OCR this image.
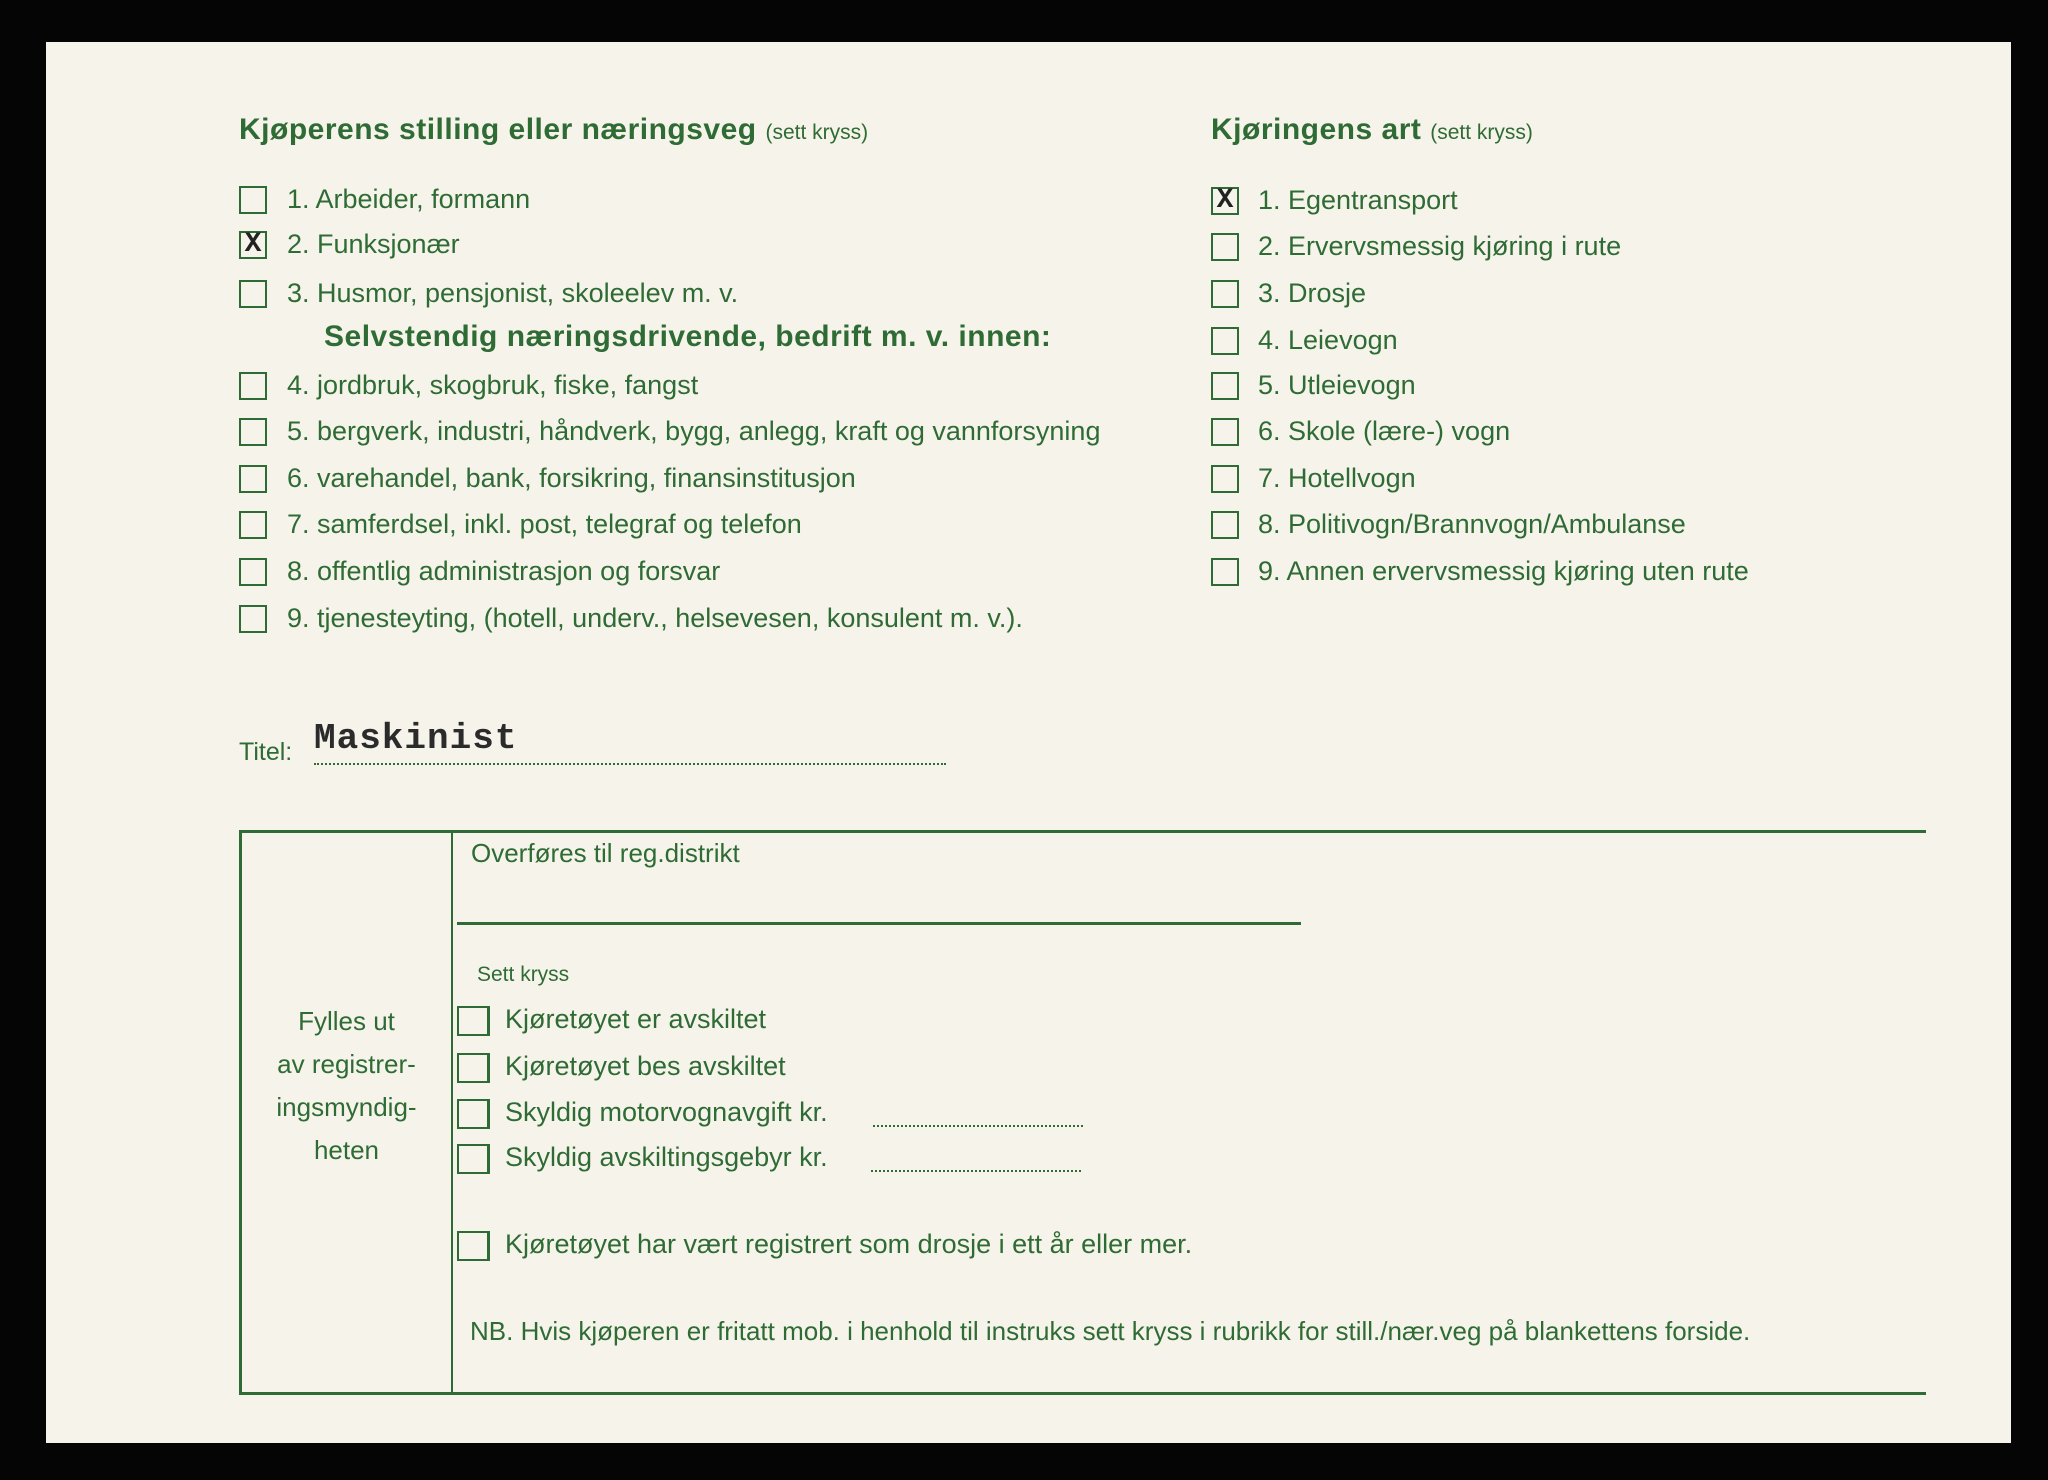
Kjøperens stilling eller næringsveg (sett kryss)
Selvstendig næringsdrivende, bedrift m. v. innen:
1. Arbeider, formann
X 2. Funksjonær
3. Husmor, pensjonist, skoleelev m. v.
4. jordbruk, skogbruk, fiske, fangst
5. bergverk, industri, håndverk, bygg, anlegg, kraft og vannforsyning
6. varehandel, bank, forsikring, finansinstitusjon
7. samferdsel, inkl. post, telegraf og telefon
8. offentlig administrasjon og forsvar
9. tjenesteyting, (hotell, underv., helsevesen, konsulent m. v.).
Kjøringens art (sett kryss)
X 1. Egentransport
2. Ervervsmessig kjøring i rute
3. Drosje
4. Leievogn
5. Utleievogn
6. Skole (lære-) vogn
7. Hotellvogn
8. Politivogn/Brannvogn/Ambulanse
9. Annen ervervsmessig kjøring uten rute
Titel: Maskinist
Fylles ut
av registrer-
ingsmyndig-
heten
Overføres til reg.distrikt
Sett kryss
Kjøretøyet er avskiltet
Kjøretøyet bes avskiltet
Skyldig motorvognavgift kr.
Skyldig avskiltingsgebyr kr.
Kjøretøyet har vært registrert som drosje i ett år eller mer.
NB. Hvis kjøperen er fritatt mob. i henhold til instruks sett kryss i rubrikk for still./nær.veg på blankettens forside.
